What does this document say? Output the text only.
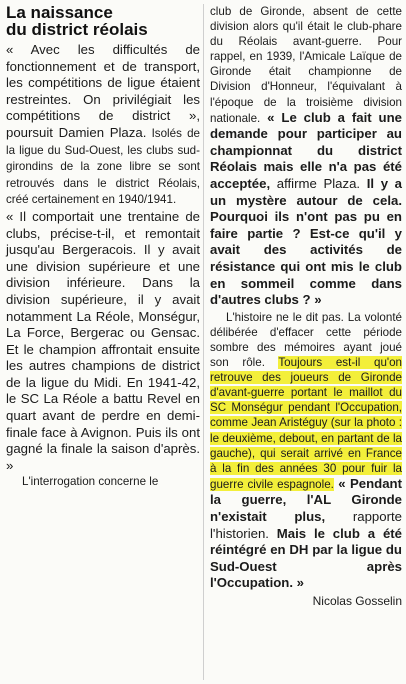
La naissance
du district réolais

« Avec les difficultés de fonctionnement et de transport, les compétitions de ligue étaient restreintes. On privilégiait les compétitions de district », poursuit Damien Plaza. Isolés de la ligue du Sud-Ouest, les clubs sud-girondins de la zone libre se sont retrouvés dans le district Réolais, créé certainement en 1940/1941.

« Il comportait une trentaine de clubs, précise-t-il, et remontait jusqu'au Bergeracois. Il y avait une division supérieure et une division inférieure. Dans la division supérieure, il y avait notamment La Réole, Monségur, La Force, Bergerac ou Gensac. Et le champion affrontait ensuite les autres champions de district de la ligue du Midi. En 1941-42, le SC La Réole a battu Revel en quart avant de perdre en demi-finale face à Avignon. Puis ils ont gagné la finale la saison d'après. »

L'interrogation concerne le

club de Gironde, absent de cette division alors qu'il était le club-phare du Réolais avant-guerre. Pour rappel, en 1939, l'Amicale Laïque de Gironde était championne de Division d'Honneur, l'équivalant à l'époque de la troisième division nationale. « Le club a fait une demande pour participer au championnat du district Réolais mais elle n'a pas été acceptée, affirme Plaza. Il y a un mystère autour de cela. Pourquoi ils n'ont pas pu en faire partie ? Est-ce qu'il y avait des activités de résistance qui ont mis le club en sommeil comme dans d'autres clubs ? »

L'histoire ne le dit pas. La volonté délibérée d'effacer cette période sombre des mémoires ayant joué son rôle. Toujours est-il qu'on retrouve des joueurs de Gironde d'avant-guerre portant le maillot du SC Monségur pendant l'Occupation, comme Jean Aristéguy (sur la photo : le deuxième, debout, en partant de la gauche), qui serait arrivé en France à la fin des années 30 pour fuir la guerre civile espagnole. « Pendant la guerre, l'AL Gironde n'existait plus, rapporte l'historien. Mais le club a été réintégré en DH par la ligue du Sud-Ouest après l'Occupation. »

Nicolas Gosselin
